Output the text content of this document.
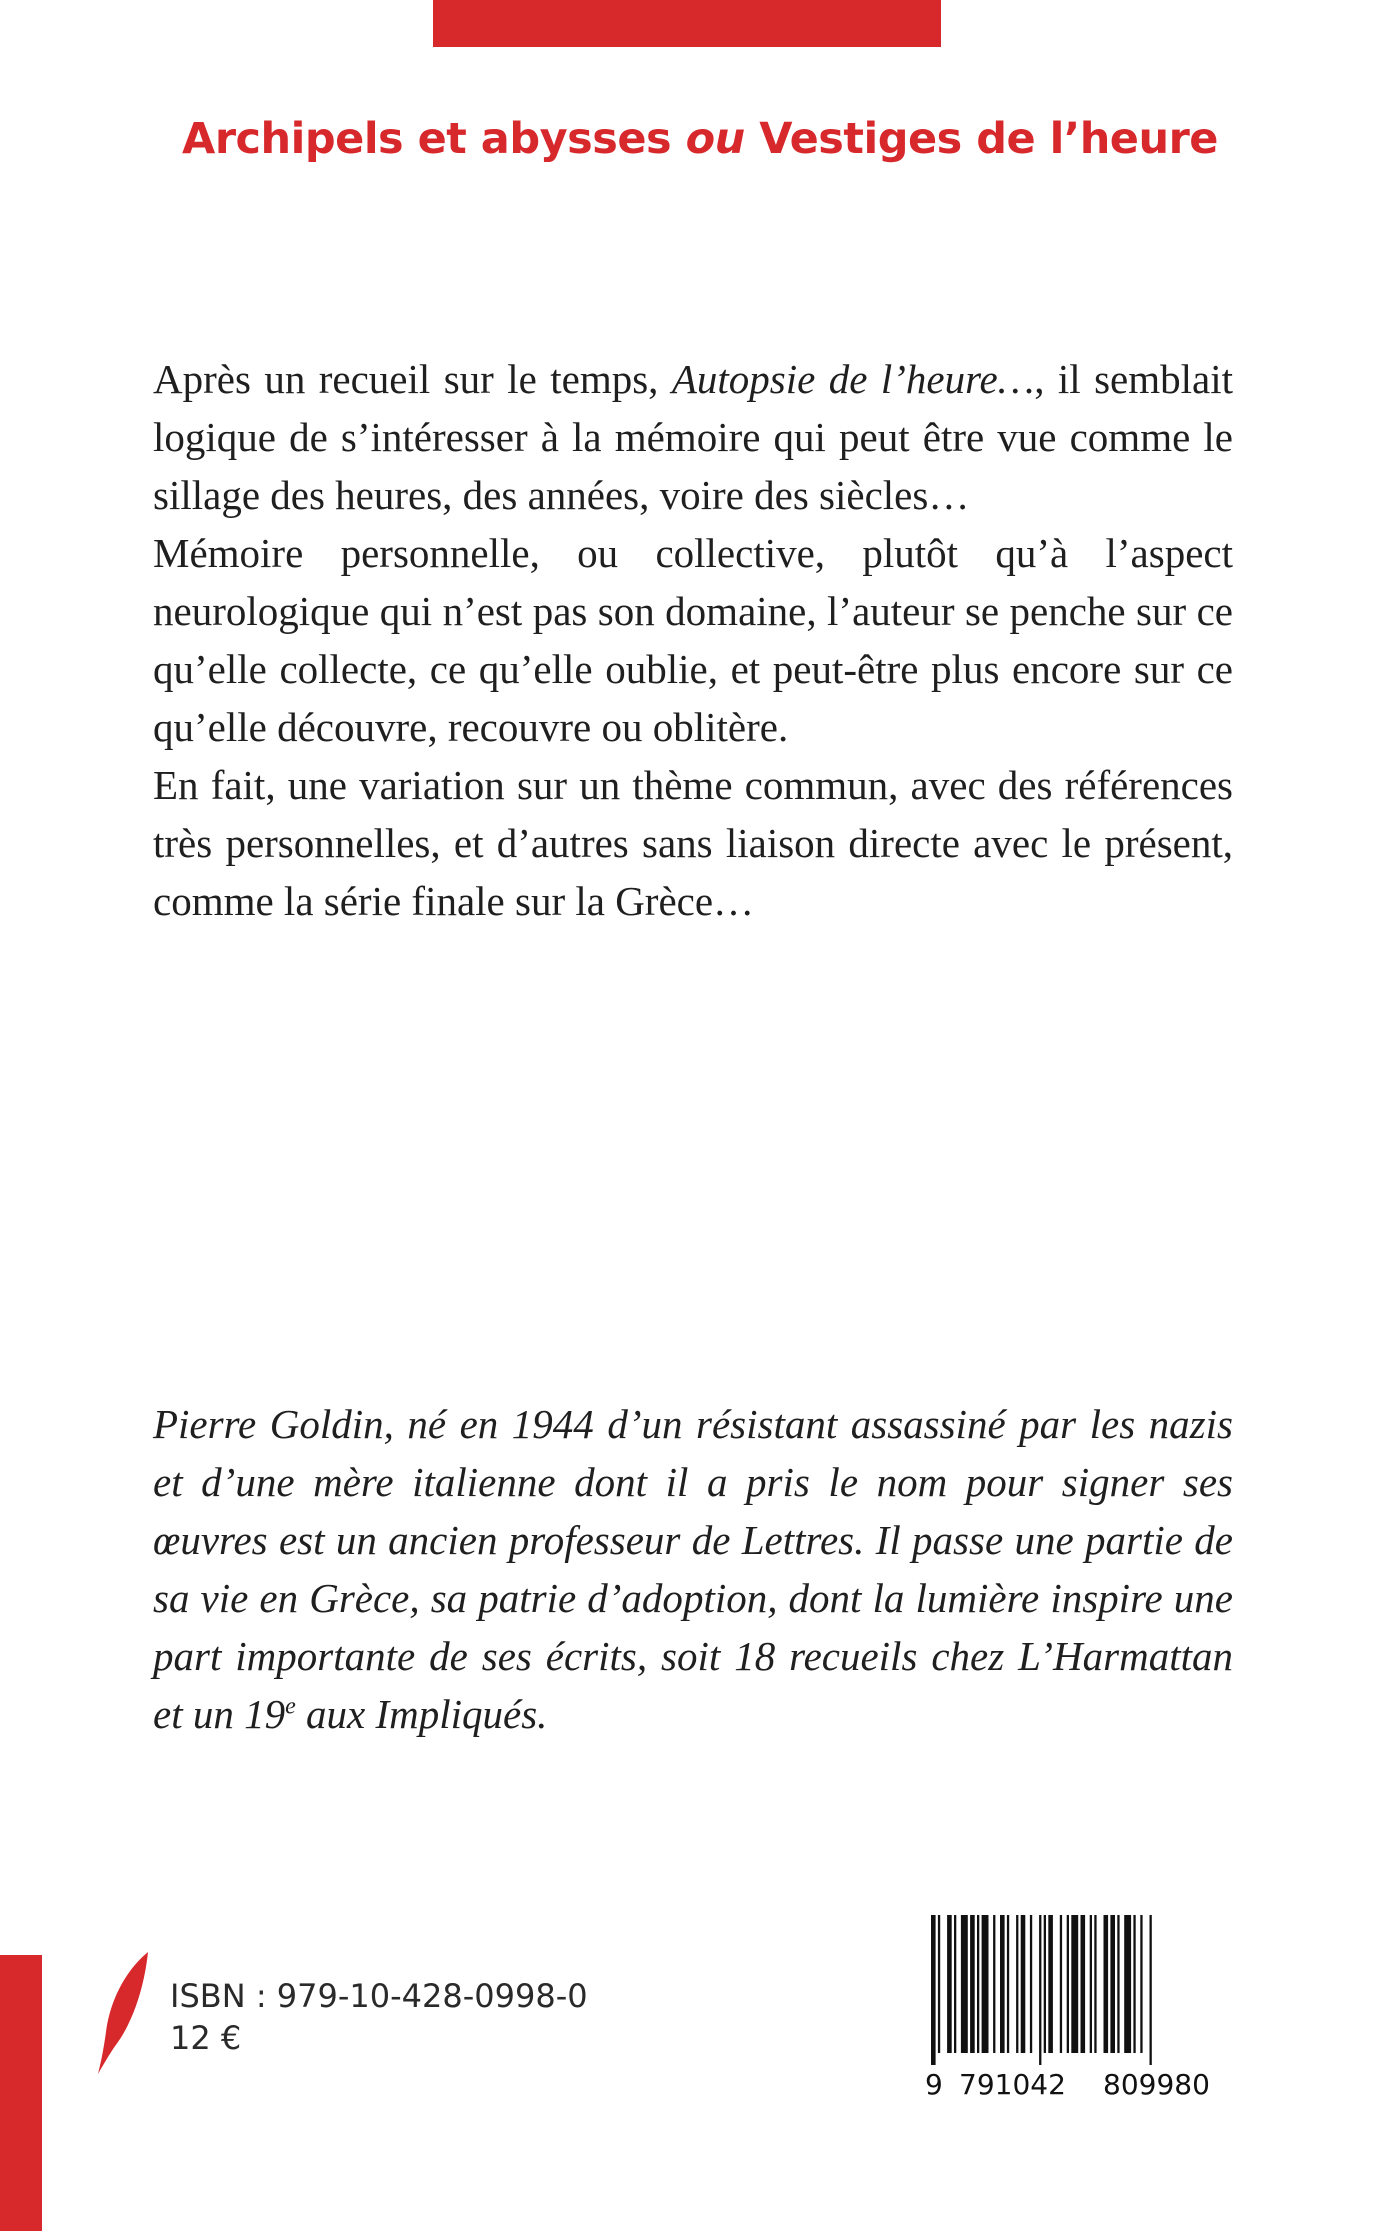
Archipels et abysses ou Vestiges de l’heure

Après un recueil sur le temps, Autopsie de l’heure…, il semblait logique de s’intéresser à la mémoire qui peut être vue comme le sillage des heures, des années, voire des siècles…

Mémoire personnelle, ou collective, plutôt qu’à l’aspect neurologique qui n’est pas son domaine, l’auteur se penche sur ce qu’elle collecte, ce qu’elle oublie, et peut-être plus encore sur ce qu’elle découvre, recouvre ou oblitère.

En fait, une variation sur un thème commun, avec des références très personnelles, et d’autres sans liaison directe avec le présent, comme la série finale sur la Grèce…

Pierre Goldin, né en 1944 d’un résistant assassiné par les nazis et d’une mère italienne dont il a pris le nom pour signer ses œuvres est un ancien professeur de Lettres. Il passe une partie de sa vie en Grèce, sa patrie d’adoption, dont la lumière inspire une part importante de ses écrits, soit 18 recueils chez L’Harmattan et un 19e aux Impliqués.

ISBN : 979-10-428-0998-0
12 €
9 791042 809980
